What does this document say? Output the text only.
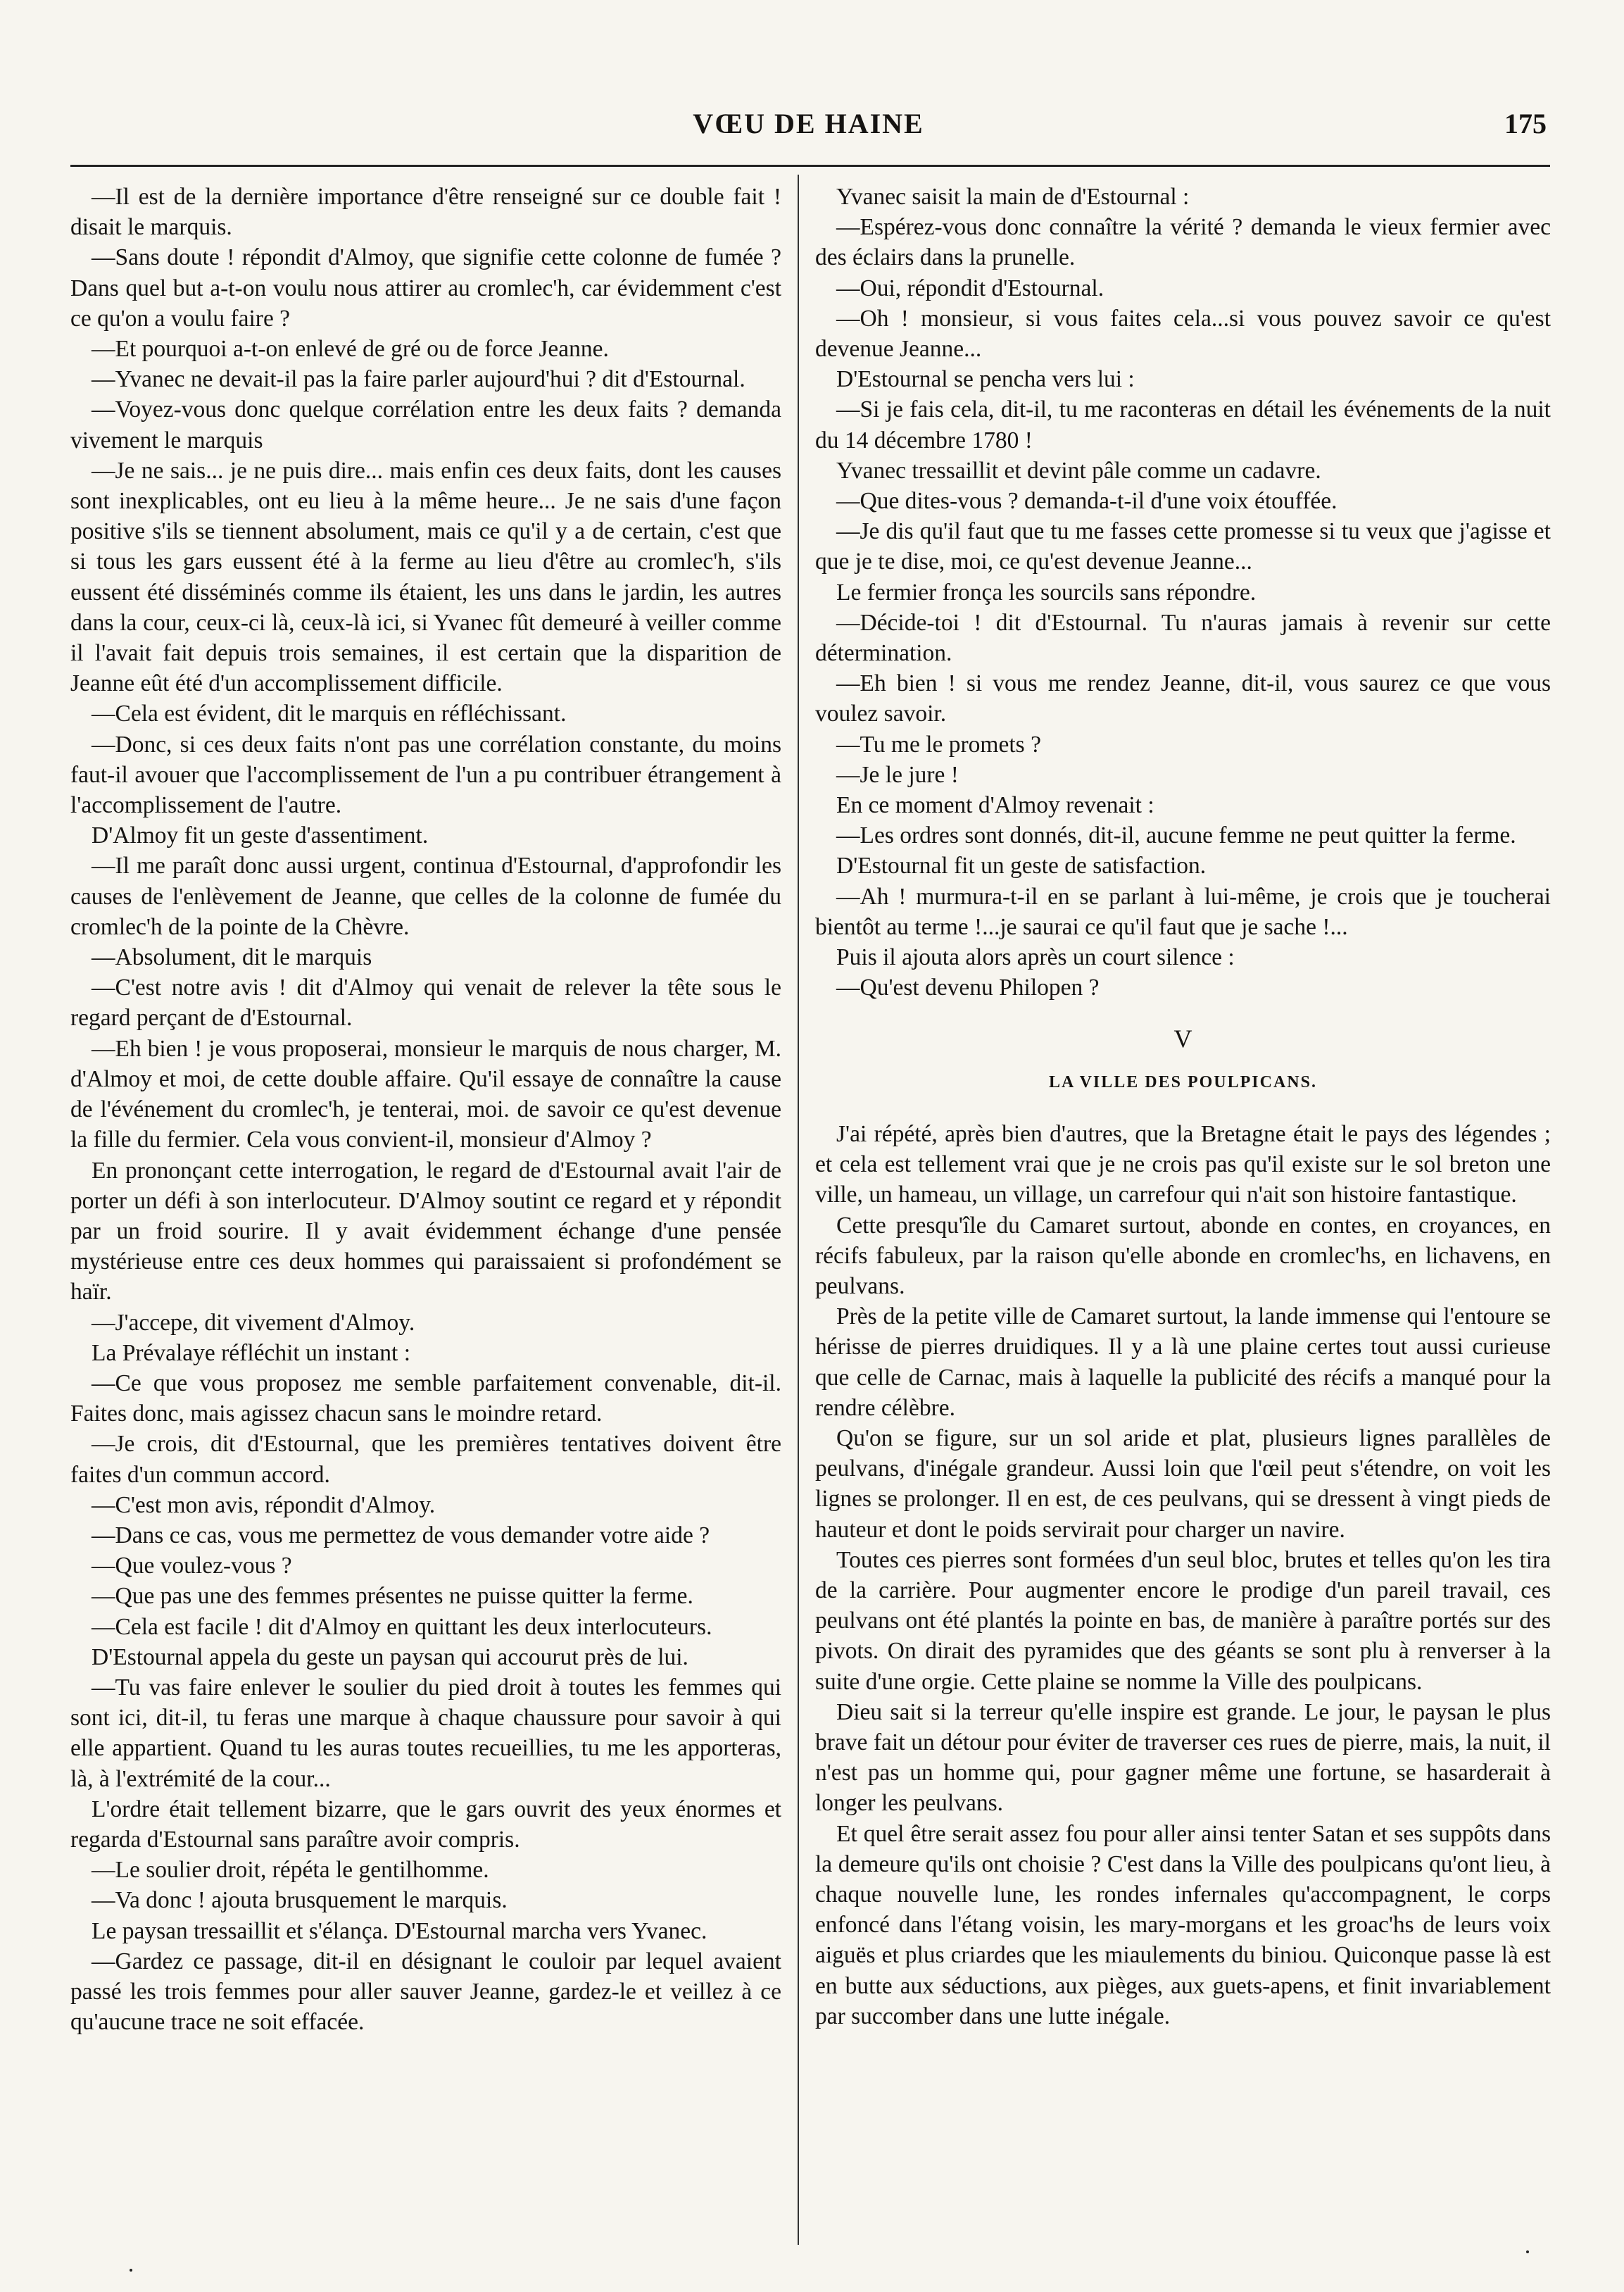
VŒU DE HAINE	175

—Il est de la dernière importance d'être renseigné sur ce double fait ! disait le marquis.

—Sans doute ! répondit d'Almoy, que signifie cette colonne de fumée ? Dans quel but a-t-on voulu nous attirer au cromlec'h, car évidemment c'est ce qu'on a voulu faire ?

—Et pourquoi a-t-on enlevé de gré ou de force Jeanne.

—Yvanec ne devait-il pas la faire parler aujourd'hui ? dit d'Estournal.

—Voyez-vous donc quelque corrélation entre les deux faits ? demanda vivement le marquis

—Je ne sais... je ne puis dire... mais enfin ces deux faits, dont les causes sont inexplicables, ont eu lieu à la même heure... Je ne sais d'une façon positive s'ils se tiennent absolument, mais ce qu'il y a de certain, c'est que si tous les gars eussent été à la ferme au lieu d'être au cromlec'h, s'ils eussent été disséminés comme ils étaient, les uns dans le jardin, les autres dans la cour, ceux-ci là, ceux-là ici, si Yvanec fût demeuré à veiller comme il l'avait fait depuis trois semaines, il est certain que la disparition de Jeanne eût été d'un accomplissement difficile.

—Cela est évident, dit le marquis en réfléchissant.

—Donc, si ces deux faits n'ont pas une corrélation constante, du moins faut-il avouer que l'accomplissement de l'un a pu contribuer étrangement à l'accomplissement de l'autre.

D'Almoy fit un geste d'assentiment.

—Il me paraît donc aussi urgent, continua d'Estournal, d'approfondir les causes de l'enlèvement de Jeanne, que celles de la colonne de fumée du cromlec'h de la pointe de la Chèvre.

—Absolument, dit le marquis

—C'est notre avis ! dit d'Almoy qui venait de relever la tête sous le regard perçant de d'Estournal.

—Eh bien ! je vous proposerai, monsieur le marquis de nous charger, M. d'Almoy et moi, de cette double affaire. Qu'il essaye de connaître la cause de l'événement du cromlec'h, je tenterai, moi. de savoir ce qu'est devenue la fille du fermier. Cela vous convient-il, monsieur d'Almoy ?

En prononçant cette interrogation, le regard de d'Estournal avait l'air de porter un défi à son interlocuteur. D'Almoy soutint ce regard et y répondit par un froid sourire. Il y avait évidemment échange d'une pensée mystérieuse entre ces deux hommes qui paraissaient si profondément se haïr.

—J'accepe, dit vivement d'Almoy.

La Prévalaye réfléchit un instant :

—Ce que vous proposez me semble parfaitement convenable, dit-il. Faites donc, mais agissez chacun sans le moindre retard.

—Je crois, dit d'Estournal, que les premières tentatives doivent être faites d'un commun accord.

—C'est mon avis, répondit d'Almoy.

—Dans ce cas, vous me permettez de vous demander votre aide ?

—Que voulez-vous ?

—Que pas une des femmes présentes ne puisse quitter la ferme.

—Cela est facile ! dit d'Almoy en quittant les deux interlocuteurs.

D'Estournal appela du geste un paysan qui accourut près de lui.

—Tu vas faire enlever le soulier du pied droit à toutes les femmes qui sont ici, dit-il, tu feras une marque à chaque chaussure pour savoir à qui elle appartient. Quand tu les auras toutes recueillies, tu me les apporteras, là, à l'extrémité de la cour...

L'ordre était tellement bizarre, que le gars ouvrit des yeux énormes et regarda d'Estournal sans paraître avoir compris.

—Le soulier droit, répéta le gentilhomme.

—Va donc ! ajouta brusquement le marquis.

Le paysan tressaillit et s'élança. D'Estournal marcha vers Yvanec.

—Gardez ce passage, dit-il en désignant le couloir par lequel avaient passé les trois femmes pour aller sauver Jeanne, gardez-le et veillez à ce qu'aucune trace ne soit effacée.

Yvanec saisit la main de d'Estournal :

—Espérez-vous donc connaître la vérité ? demanda le vieux fermier avec des éclairs dans la prunelle.

—Oui, répondit d'Estournal.

—Oh ! monsieur, si vous faites cela...si vous pouvez savoir ce qu'est devenue Jeanne...

D'Estournal se pencha vers lui :

—Si je fais cela, dit-il, tu me raconteras en détail les événements de la nuit du 14 décembre 1780 !

Yvanec tressaillit et devint pâle comme un cadavre.

—Que dites-vous ? demanda-t-il d'une voix étouffée.

—Je dis qu'il faut que tu me fasses cette promesse si tu veux que j'agisse et que je te dise, moi, ce qu'est devenue Jeanne...

Le fermier fronça les sourcils sans répondre.

—Décide-toi ! dit d'Estournal. Tu n'auras jamais à revenir sur cette détermination.

—Eh bien ! si vous me rendez Jeanne, dit-il, vous saurez ce que vous voulez savoir.

—Tu me le promets ?

—Je le jure !

En ce moment d'Almoy revenait :

—Les ordres sont donnés, dit-il, aucune femme ne peut quitter la ferme.

D'Estournal fit un geste de satisfaction.

—Ah ! murmura-t-il en se parlant à lui-même, je crois que je toucherai bientôt au terme !...je saurai ce qu'il faut que je sache !...

Puis il ajouta alors après un court silence :

—Qu'est devenu Philopen ?

V
LA VILLE DES POULPICANS.

J'ai répété, après bien d'autres, que la Bretagne était le pays des légendes ; et cela est tellement vrai que je ne crois pas qu'il existe sur le sol breton une ville, un hameau, un village, un carrefour qui n'ait son histoire fantastique.

Cette presqu'île du Camaret surtout, abonde en contes, en croyances, en récifs fabuleux, par la raison qu'elle abonde en cromlec'hs, en lichavens, en peulvans.

Près de la petite ville de Camaret surtout, la lande immense qui l'entoure se hérisse de pierres druidiques. Il y a là une plaine certes tout aussi curieuse que celle de Carnac, mais à laquelle la publicité des récifs a manqué pour la rendre célèbre.

Qu'on se figure, sur un sol aride et plat, plusieurs lignes parallèles de peulvans, d'inégale grandeur. Aussi loin que l'œil peut s'étendre, on voit les lignes se prolonger. Il en est, de ces peulvans, qui se dressent à vingt pieds de hauteur et dont le poids servirait pour charger un navire.

Toutes ces pierres sont formées d'un seul bloc, brutes et telles qu'on les tira de la carrière. Pour augmenter encore le prodige d'un pareil travail, ces peulvans ont été plantés la pointe en bas, de manière à paraître portés sur des pivots. On dirait des pyramides que des géants se sont plu à renverser à la suite d'une orgie. Cette plaine se nomme la Ville des poulpicans.

Dieu sait si la terreur qu'elle inspire est grande. Le jour, le paysan le plus brave fait un détour pour éviter de traverser ces rues de pierre, mais, la nuit, il n'est pas un homme qui, pour gagner même une fortune, se hasarderait à longer les peulvans.

Et quel être serait assez fou pour aller ainsi tenter Satan et ses suppôts dans la demeure qu'ils ont choisie ? C'est dans la Ville des poulpicans qu'ont lieu, à chaque nouvelle lune, les rondes infernales qu'accompagnent, le corps enfoncé dans l'étang voisin, les mary-morgans et les groac'hs de leurs voix aiguës et plus criardes que les miaulements du biniou. Quiconque passe là est en butte aux séductions, aux pièges, aux guets-apens, et finit invariablement par succomber dans une lutte inégale.
